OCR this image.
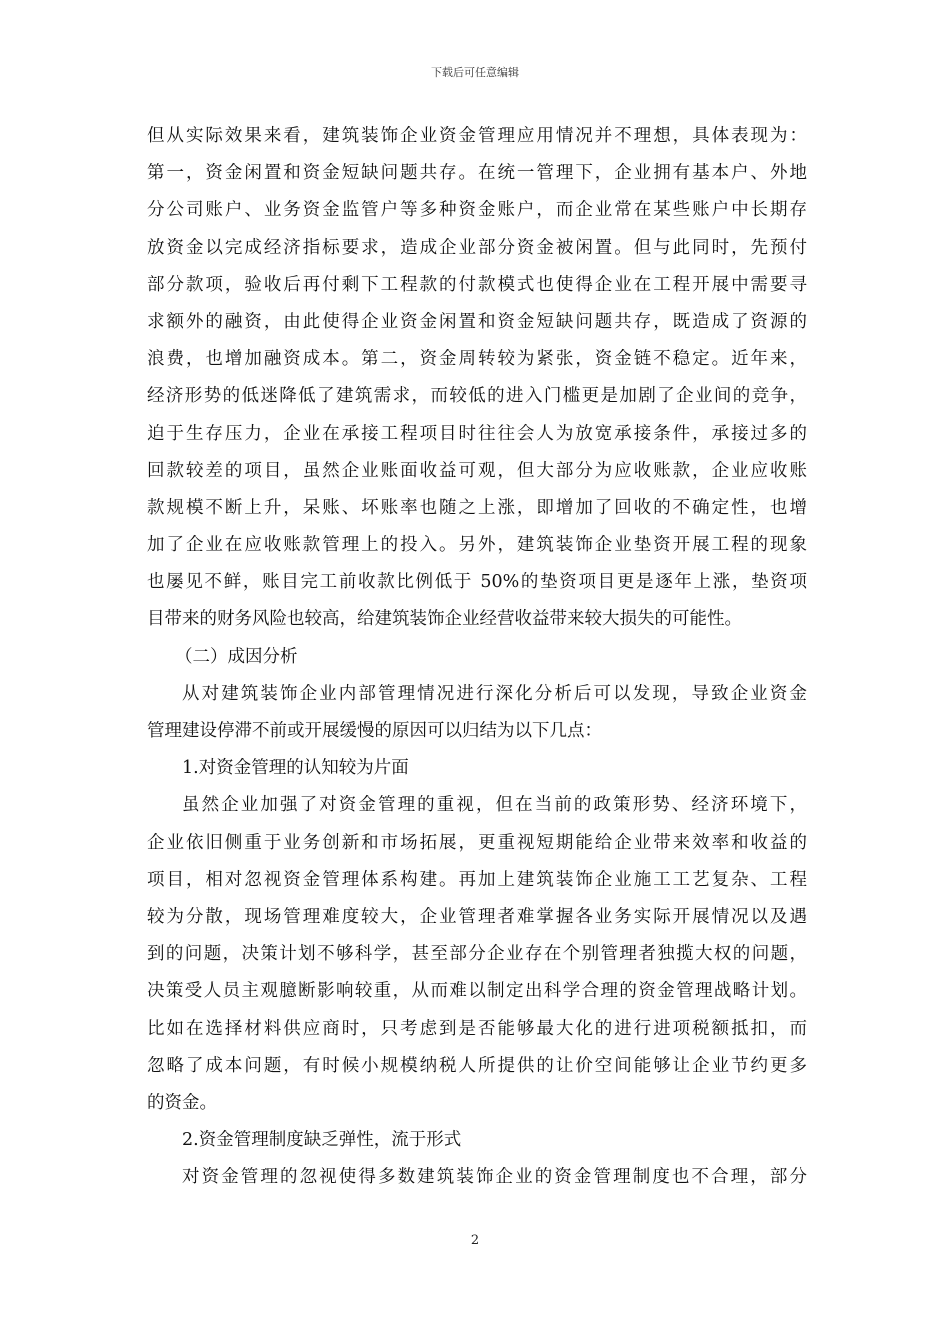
下载后可任意编辑
但从实际效果来看，建筑装饰企业资金管理应用情况并不理想，具体表现为：
第一，资金闲置和资金短缺问题共存。在统一管理下，企业拥有基本户、外地
分公司账户、业务资金监管户等多种资金账户，而企业常在某些账户中长期存
放资金以完成经济指标要求，造成企业部分资金被闲置。但与此同时，先预付
部分款项，验收后再付剩下工程款的付款模式也使得企业在工程开展中需要寻
求额外的融资，由此使得企业资金闲置和资金短缺问题共存，既造成了资源的
浪费，也增加融资成本。第二，资金周转较为紧张，资金链不稳定。近年来，
经济形势的低迷降低了建筑需求，而较低的进入门槛更是加剧了企业间的竞争，
迫于生存压力，企业在承接工程项目时往往会人为放宽承接条件，承接过多的
回款较差的项目，虽然企业账面收益可观，但大部分为应收账款，企业应收账
款规模不断上升，呆账、坏账率也随之上涨，即增加了回收的不确定性，也增
加了企业在应收账款管理上的投入。另外，建筑装饰企业垫资开展工程的现象
也屡见不鲜，账目完工前收款比例低于 50%的垫资项目更是逐年上涨，垫资项
目带来的财务风险也较高，给建筑装饰企业经营收益带来较大损失的可能性。
（二）成因分析
从对建筑装饰企业内部管理情况进行深化分析后可以发现，导致企业资金
管理建设停滞不前或开展缓慢的原因可以归结为以下几点：
1.对资金管理的认知较为片面
虽然企业加强了对资金管理的重视，但在当前的政策形势、经济环境下，
企业依旧侧重于业务创新和市场拓展，更重视短期能给企业带来效率和收益的
项目，相对忽视资金管理体系构建。再加上建筑装饰企业施工工艺复杂、工程
较为分散，现场管理难度较大，企业管理者难掌握各业务实际开展情况以及遇
到的问题，决策计划不够科学，甚至部分企业存在个别管理者独揽大权的问题，
决策受人员主观臆断影响较重，从而难以制定出科学合理的资金管理战略计划。
比如在选择材料供应商时，只考虑到是否能够最大化的进行进项税额抵扣，而
忽略了成本问题，有时候小规模纳税人所提供的让价空间能够让企业节约更多
的资金。
2.资金管理制度缺乏弹性，流于形式
对资金管理的忽视使得多数建筑装饰企业的资金管理制度也不合理，部分
2
